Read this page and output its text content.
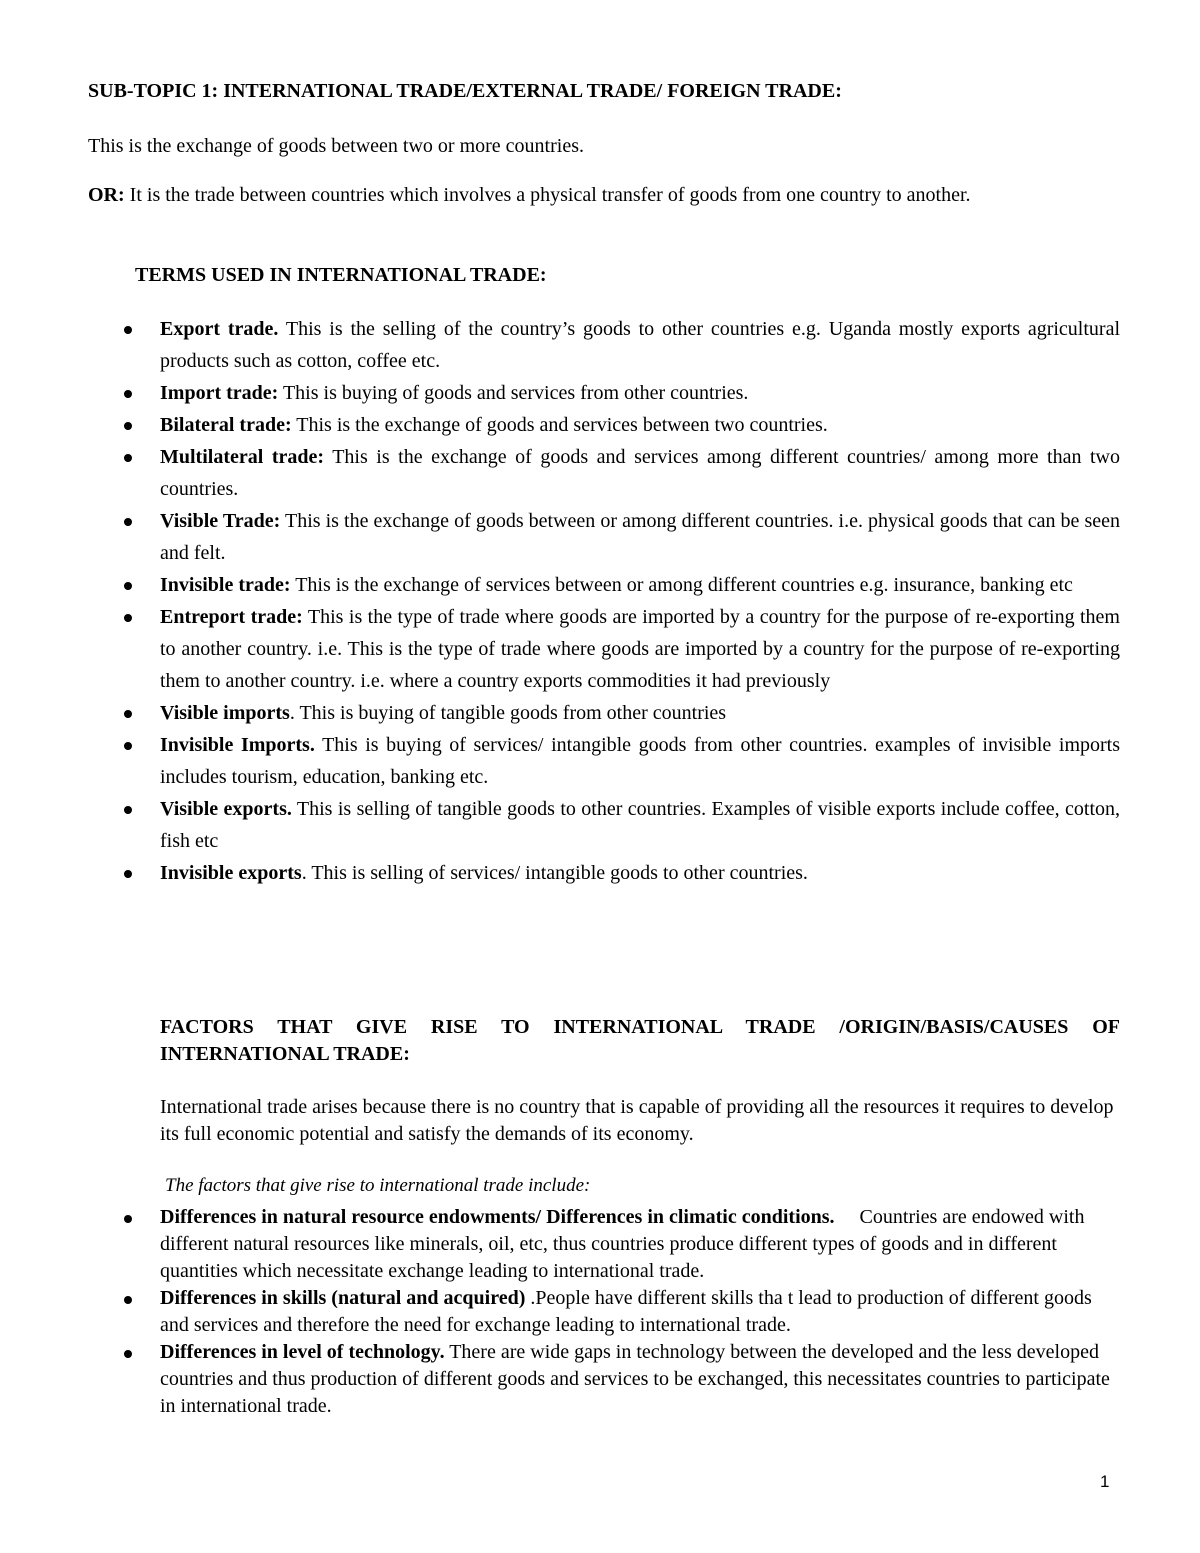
SUB-TOPIC 1: INTERNATIONAL TRADE/EXTERNAL TRADE/ FOREIGN TRADE:
This is the exchange of goods between two or more countries.
OR: It is the trade between countries which involves a physical transfer of goods from one country to another.
TERMS USED IN INTERNATIONAL TRADE:
Export trade. This is the selling of the country’s goods to other countries e.g. Uganda mostly exports agricultural products such as cotton, coffee etc.
Import trade: This is buying of goods and services from other countries.
Bilateral trade: This is the exchange of goods and services between two countries.
Multilateral trade: This is the exchange of goods and services among different countries/ among more than two countries.
Visible Trade: This is the exchange of goods between or among different countries. i.e. physical goods that can be seen and felt.
Invisible trade: This is the exchange of services between or among different countries e.g. insurance, banking etc
Entreport trade: This is the type of trade where goods are imported by a country for the purpose of re-exporting them to another country. i.e. This is the type of trade where goods are imported by a country for the purpose of re-exporting them to another country. i.e. where a country exports commodities it had previously
Visible imports. This is buying of tangible goods from other countries
Invisible Imports. This is buying of services/ intangible goods from other countries. examples of invisible imports includes tourism, education, banking etc.
Visible exports. This is selling of tangible goods to other countries. Examples of visible exports include coffee, cotton, fish etc
Invisible exports. This is selling of services/ intangible goods to other countries.
FACTORS THAT GIVE RISE TO INTERNATIONAL TRADE /ORIGIN/BASIS/CAUSES OF INTERNATIONAL TRADE:
International trade arises because there is no country that is capable of providing all the resources it requires to develop its full economic potential and satisfy the demands of its economy.
The factors that give rise to international trade include:
Differences in natural resource endowments/ Differences in climatic conditions.     Countries are endowed with different natural resources like minerals, oil, etc, thus countries produce different types of goods and in different quantities which necessitate exchange leading to international trade.
Differences in skills (natural and acquired) .People have different skills tha t lead to production of different goods and services and therefore the need for exchange leading to international trade.
Differences in level of technology. There are wide gaps in technology between the developed and the less developed countries and thus production of different goods and services to be exchanged, this necessitates countries to participate in international trade.
1
